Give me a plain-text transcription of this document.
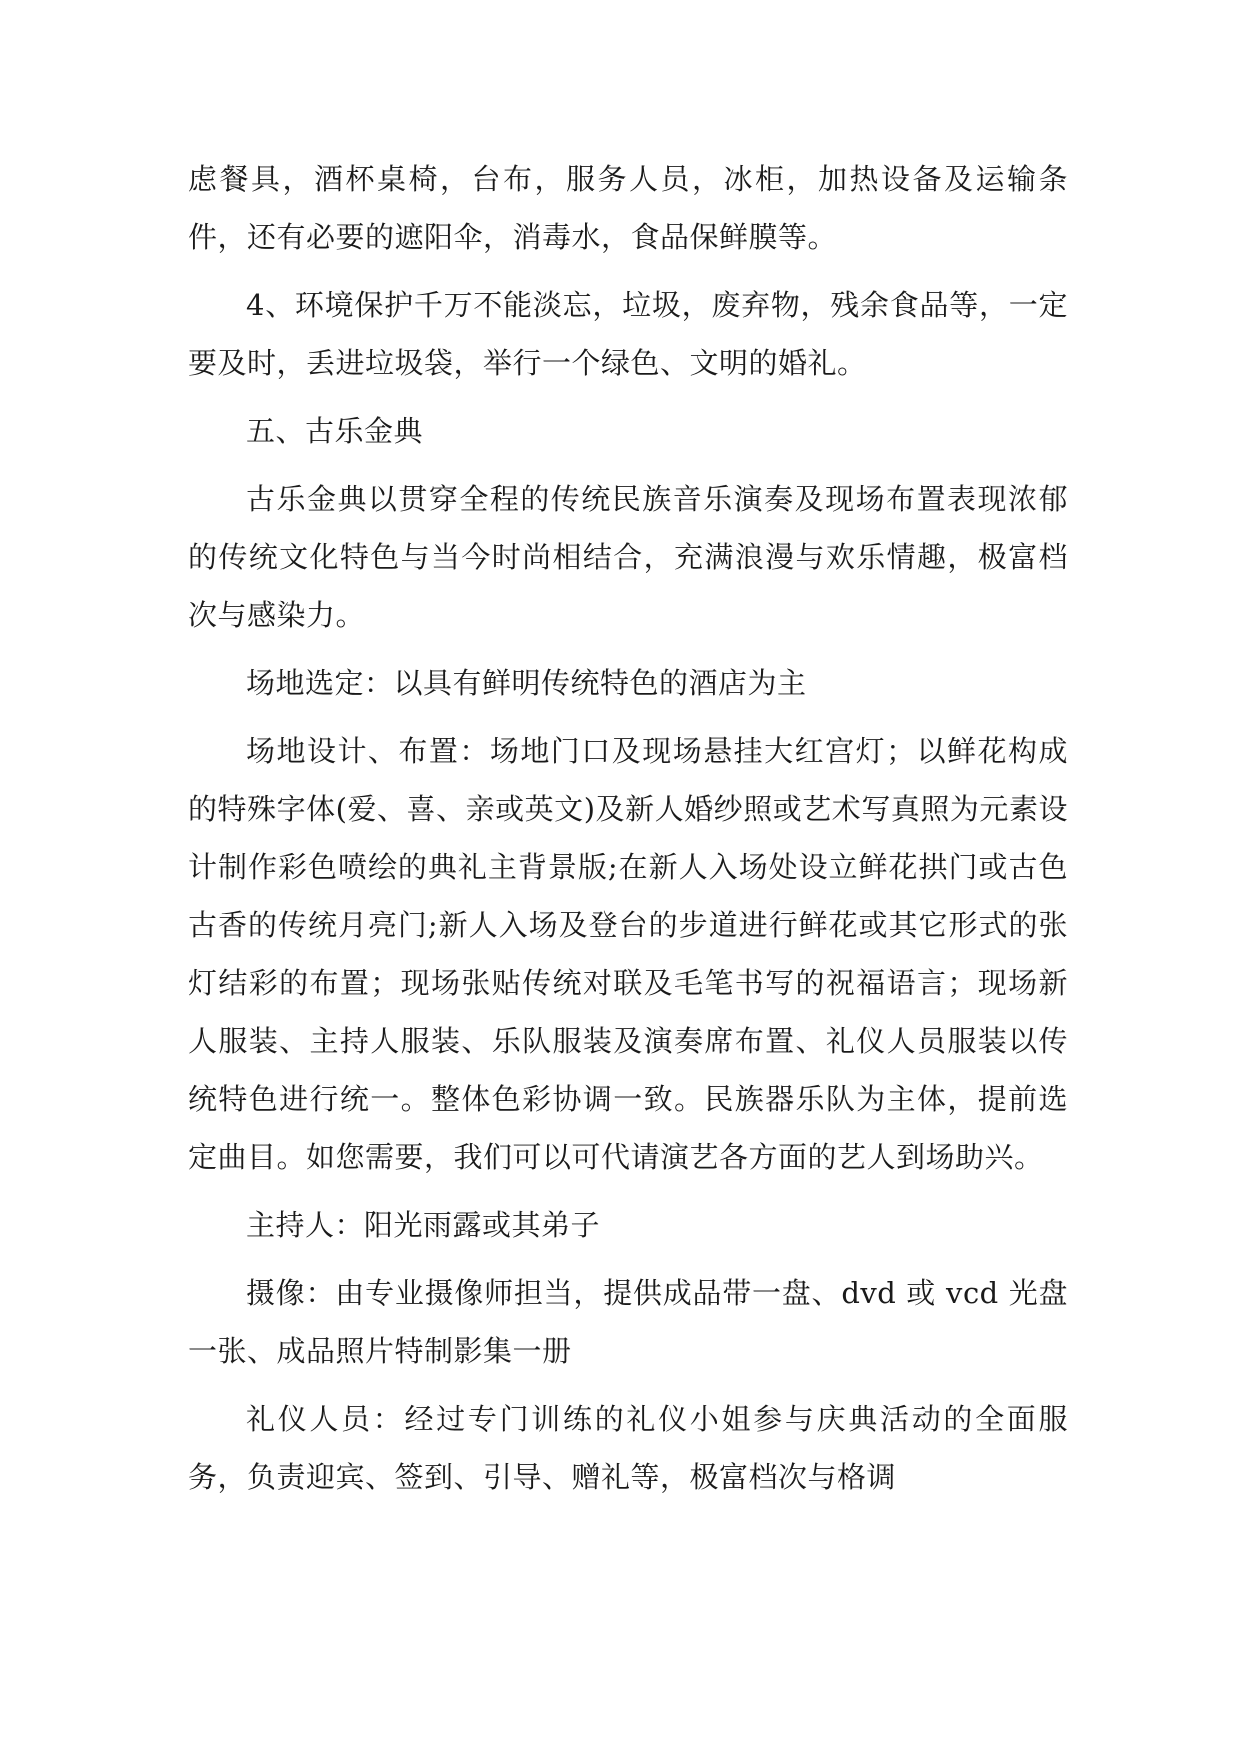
虑餐具，酒杯桌椅，台布，服务人员，冰柜，加热设备及运输条件，还有必要的遮阳伞，消毒水，食品保鲜膜等。

4、环境保护千万不能淡忘，垃圾，废弃物，残余食品等，一定要及时，丢进垃圾袋，举行一个绿色、文明的婚礼。

五、古乐金典

古乐金典以贯穿全程的传统民族音乐演奏及现场布置表现浓郁的传统文化特色与当今时尚相结合，充满浪漫与欢乐情趣，极富档次与感染力。

场地选定：以具有鲜明传统特色的酒店为主

场地设计、布置：场地门口及现场悬挂大红宫灯；以鲜花构成的特殊字体(爱、喜、亲或英文)及新人婚纱照或艺术写真照为元素设计制作彩色喷绘的典礼主背景版;在新人入场处设立鲜花拱门或古色古香的传统月亮门;新人入场及登台的步道进行鲜花或其它形式的张灯结彩的布置；现场张贴传统对联及毛笔书写的祝福语言；现场新人服装、主持人服装、乐队服装及演奏席布置、礼仪人员服装以传统特色进行统一。整体色彩协调一致。民族器乐队为主体，提前选定曲目。如您需要，我们可以可代请演艺各方面的艺人到场助兴。

主持人：阳光雨露或其弟子

摄像：由专业摄像师担当，提供成品带一盘、dvd 或 vcd 光盘一张、成品照片特制影集一册

礼仪人员：经过专门训练的礼仪小姐参与庆典活动的全面服务，负责迎宾、签到、引导、赠礼等，极富档次与格调
